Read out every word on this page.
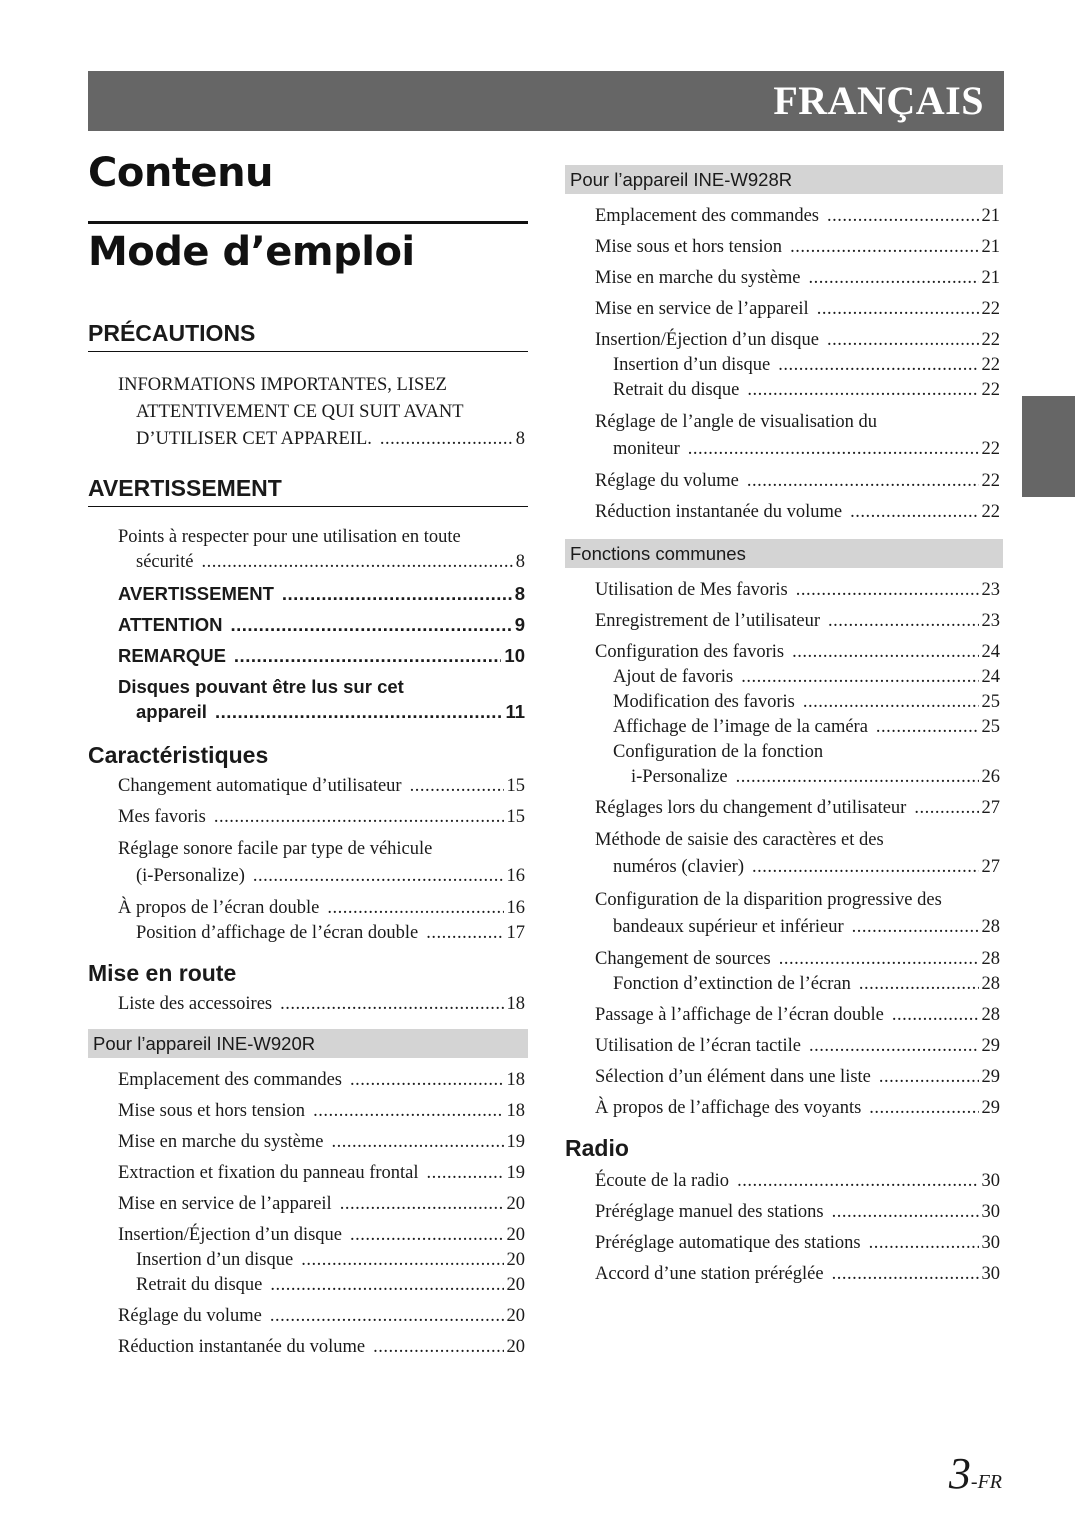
FRANÇAIS
Contenu
Mode d’emploi
PRÉCAUTIONS
INFORMATIONS IMPORTANTES, LISEZ
ATTENTIVEMENT CE QUI SUIT AVANT
D’UTILISER CET APPAREIL. .....	8
AVERTISSEMENT
Points à respecter pour une utilisation en toute
sécurité .....	8
AVERTISSEMENT .....	8
ATTENTION .....	9
REMARQUE .....	10
Disques pouvant être lus sur cet
appareil .....	11
Caractéristiques
Changement automatique d’utilisateur .....	15
Mes favoris .....	15
Réglage sonore facile par type de véhicule
(i-Personalize) .....	16
À propos de l’écran double .....	16
Position d’affichage de l’écran double .....	17
Mise en route
Liste des accessoires .....	18
Pour l’appareil INE-W920R
Emplacement des commandes .....	18
Mise sous et hors tension .....	18
Mise en marche du système .....	19
Extraction et fixation du panneau frontal .....	19
Mise en service de l’appareil .....	20
Insertion/Éjection d’un disque .....	20
Insertion d’un disque .....	20
Retrait du disque .....	20
Réglage du volume .....	20
Réduction instantanée du volume .....	20
Pour l’appareil INE-W928R
Emplacement des commandes .....	21
Mise sous et hors tension .....	21
Mise en marche du système .....	21
Mise en service de l’appareil .....	22
Insertion/Éjection d’un disque .....	22
Insertion d’un disque .....	22
Retrait du disque .....	22
Réglage de l’angle de visualisation du
moniteur .....	22
Réglage du volume .....	22
Réduction instantanée du volume .....	22
Fonctions communes
Utilisation de Mes favoris .....	23
Enregistrement de l’utilisateur .....	23
Configuration des favoris .....	24
Ajout de favoris .....	24
Modification des favoris .....	25
Affichage de l’image de la caméra .....	25
Configuration de la fonction
i-Personalize .....	26
Réglages lors du changement d’utilisateur .....	27
Méthode de saisie des caractères et des
numéros (clavier) .....	27
Configuration de la disparition progressive des
bandeaux supérieur et inférieur .....	28
Changement de sources .....	28
Fonction d’extinction de l’écran .....	28
Passage à l’affichage de l’écran double .....	28
Utilisation de l’écran tactile .....	29
Sélection d’un élément dans une liste .....	29
À propos de l’affichage des voyants .....	29
Radio
Écoute de la radio .....	30
Préréglage manuel des stations .....	30
Préréglage automatique des stations .....	30
Accord d’une station préréglée .....	30
3-FR
